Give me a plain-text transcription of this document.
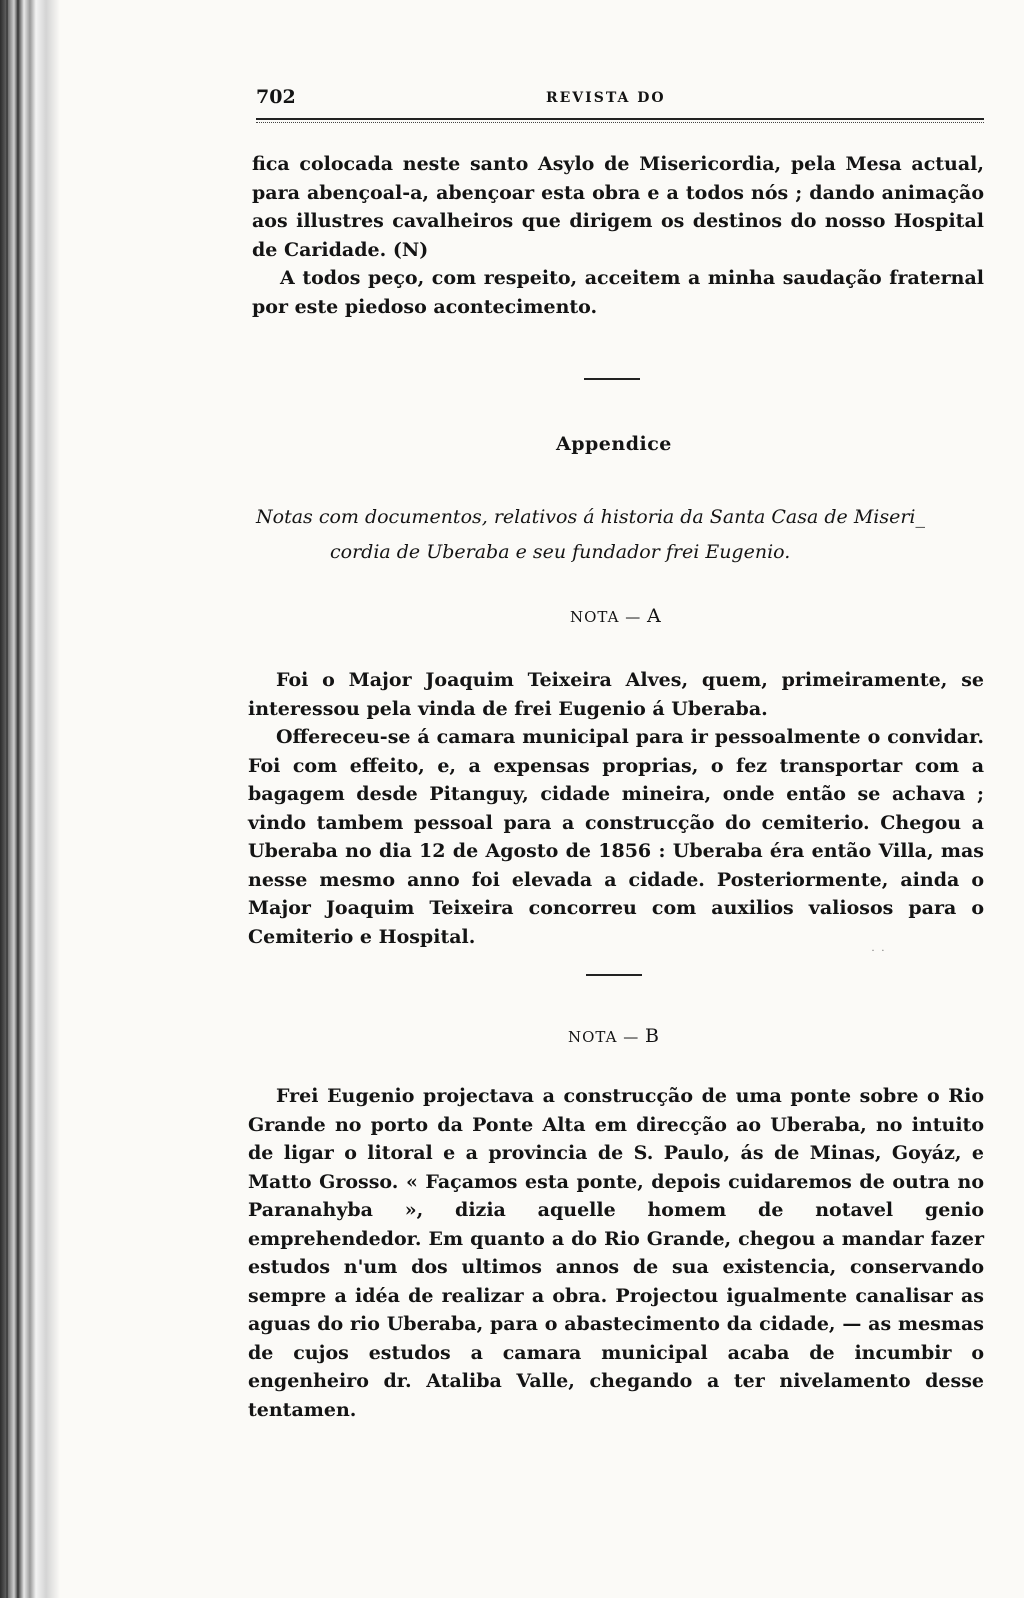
702	REVISTA DO

fica colocada neste santo Asylo de Misericordia, pela Mesa actual, para abençoal-a, abençoar esta obra e a todos nós ; dando animação aos illustres cavalheiros que dirigem os destinos do nosso Hospital de Caridade. (N)

A todos peço, com respeito, acceitem a minha saudação fraternal por este piedoso acontecimento.

Appendice

Notas com documentos, relativos á historia da Santa Casa de Miseri_

cordia de Uberaba e seu fundador frei Eugenio.

NOTA — A

Foi o Major Joaquim Teixeira Alves, quem, primeiramente, se interessou pela vinda de frei Eugenio á Uberaba.

Offereceu-se á camara municipal para ir pessoalmente o convidar. Foi com effeito, e, a expensas proprias, o fez transportar com a bagagem desde Pitanguy, cidade mineira, onde então se achava ; vindo tambem pessoal para a construcção do cemiterio. Chegou a Uberaba no dia 12 de Agosto de 1856 : Uberaba éra então Villa, mas nesse mesmo anno foi elevada a cidade. Posteriormente, ainda o Major Joaquim Teixeira concorreu com auxilios valiosos para o Cemiterio e Hospital.

˙ ˙
NOTA — B

Frei Eugenio projectava a construcção de uma ponte sobre o Rio Grande no porto da Ponte Alta em direcção ao Uberaba, no intuito de ligar o litoral e a provincia de S. Paulo, ás de Minas, Goyáz, e Matto Grosso. « Façamos esta ponte, depois cuidaremos de outra no Paranahyba », dizia aquelle homem de notavel genio emprehendedor. Em quanto a do Rio Grande, chegou a mandar fazer estudos n'um dos ultimos annos de sua existencia, conservando sempre a idéa de realizar a obra. Projectou igualmente canalisar as aguas do rio Uberaba, para o abastecimento da cidade, — as mesmas de cujos estudos a camara municipal acaba de incumbir o engenheiro dr. Ataliba Valle, chegando a ter nivelamento desse tentamen.
